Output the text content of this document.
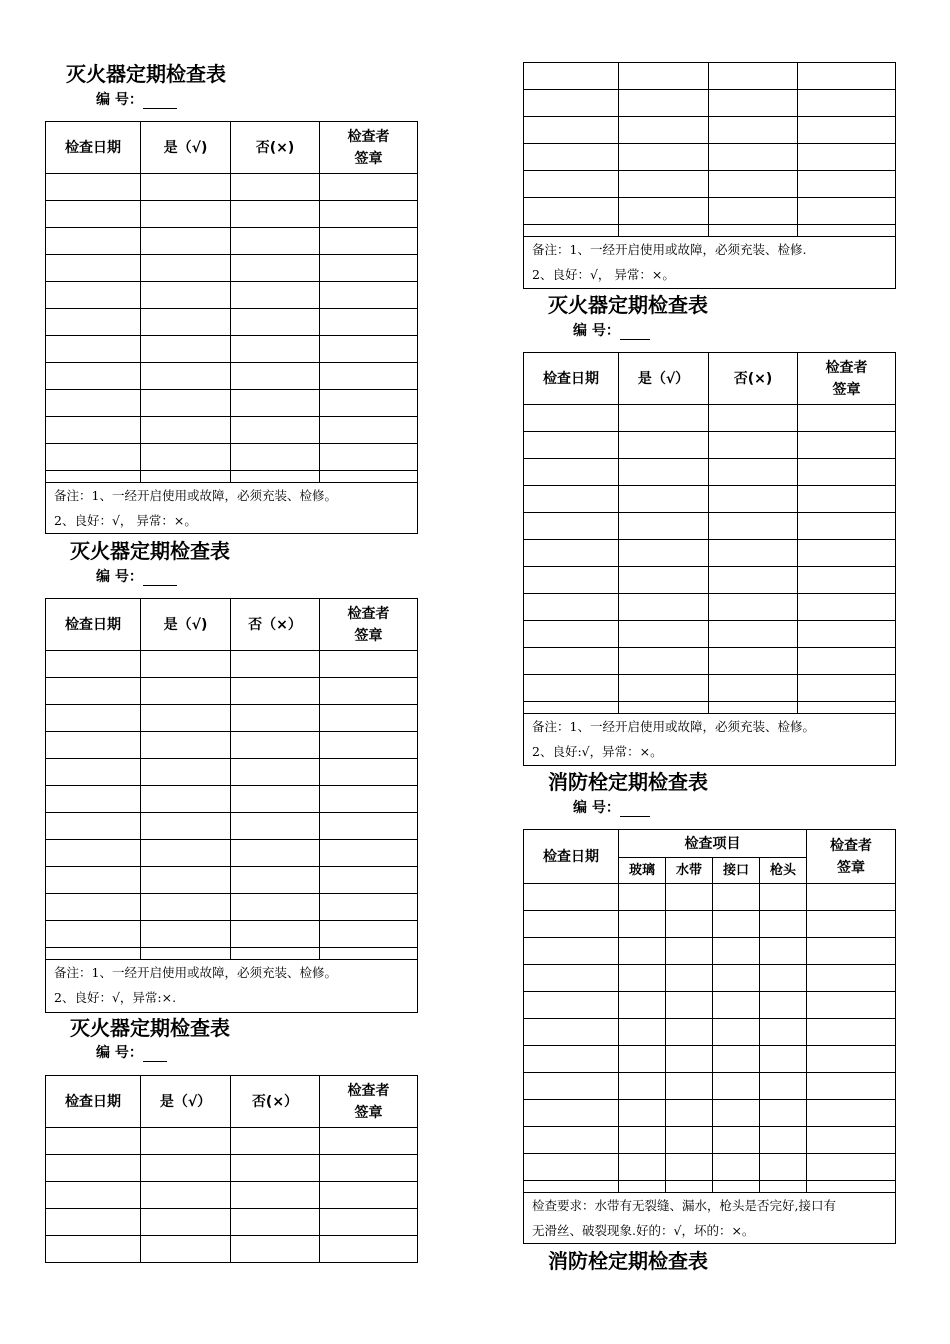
灭火器定期检查表
编 号：
检查日期	是（√)	否(×)	检查者
签章

备注：1、一经开启使用或故障，必须充装、检修。
2、良好：√， 异常：×。			
灭火器定期检查表
编 号：
检查日期	是（√)	否（×）	检查者
签章

备注：1、一经开启使用或故障，必须充装、检修。
2、良好：√，异常:×.			
灭火器定期检查表
编 号：
检查日期	是（√）	否(×）	检查者
签章

备注：1、一经开启使用或故障，必须充装、检修.
2、良好：√， 异常：×。			
灭火器定期检查表
编 号：
检查日期	是（√）	否(×)	检查者
签章

备注：1、一经开启使用或故障，必须充装、检修。
2、良好:√，异常：×。			
消防栓定期检查表
编 号：
检查日期	检查项目				检查者
签章

	玻璃	水带	接口	枪头	

检查要求：水带有无裂缝、漏水，枪头是否完好,接口有
无滑丝、破裂现象.好的：√，坏的：×。					
消防栓定期检查表
